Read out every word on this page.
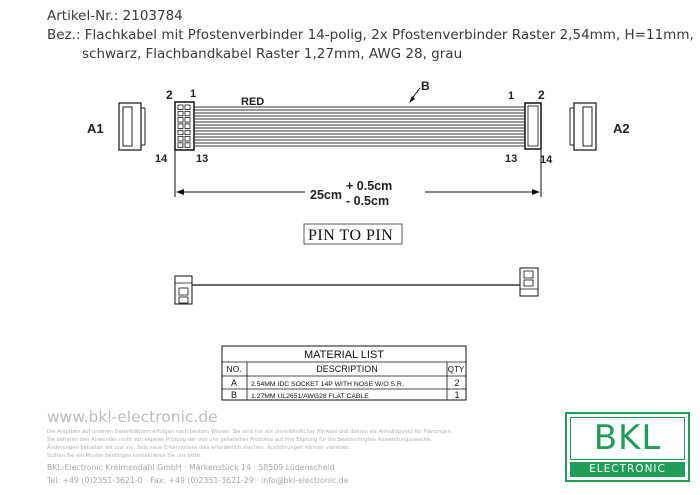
Artikel-Nr.: 2103784
Bez.: Flachkabel mit Pfostenverbinder 14-polig, 2x Pfostenverbinder Raster 2,54mm, H=11mm,
schwarz, Flachbandkabel Raster 1,27mm, AWG 28, grau
A1	A2
2 1
14	13
RED	1 2
13 14
B
25cm
+ 0.5cm
- 0.5cm
PIN TO PIN
MATERIAL LIST
NO.	DESCRIPTION	QTY
A 2.54MM IDC SOCKET 14P WITH NOSE W/O S.R.	2
B 1.27MM UL2651/AWG28 FLAT CABLE	1
www.bkl-electronic.de
Die Angaben auf unseren Datenblättern erfolgen nach bestem Wissen. Sie sind nur ein unverbindlicher Hinweis und dienen als Anhaltspunkt für Planungen.
Sie befreien den Anwender nicht von eigener Prüfung der von uns gelieferten Produkte auf ihre Eignung für die beabsichtigten Anwendungszwecke.
Änderungen behalten wir uns vor, falls neue Erkenntnisse dies erforderlich machen. Ausführungen können variieren.
Sollten Sie ein Muster benötigen kontaktieren Sie uns bitte.
BKL-Electronic Kreimendahl GmbH · Märkenstück 14 · 58509 Lüdenscheid
Tel: +49 (0)2351-3621-0 · Fax: +49 (0)2351-3621-29 · info@bkl-electronic.de
BKL
ELECTRONIC
